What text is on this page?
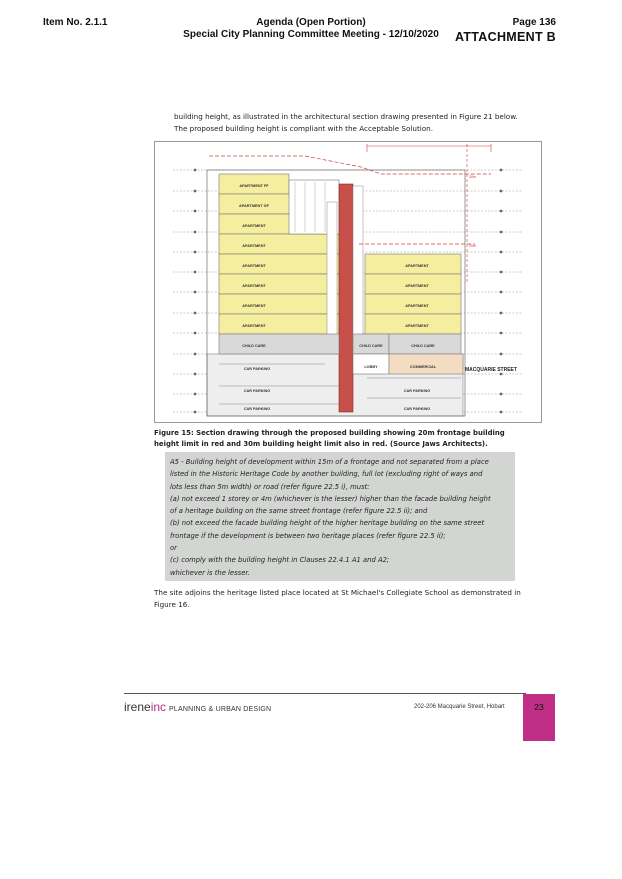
Item No. 2.1.1	Agenda (Open Portion)
Special City Planning Committee Meeting - 12/10/2020
Page 136
ATTACHMENT B
building height, as illustrated in the architectural section drawing presented in Figure 21 below. The proposed building height is compliant with the Acceptable Solution.
APARTMENT FF
APARTMENT GF
APARTMENT
APARTMENT
APARTMENT
APARTMENT
APARTMENT
APARTMENT
APARTMENT
APARTMENT
APARTMENT
APARTMENT
CHILD CARE	CHILD CARE	CHILD CARE
LOBBY	COMMERCIAL
CAR PARKING
CAR PARKING	CAR PARKING
CAR PARKING	CAR PARKING
MACQUARIE STREET
30m
20m
Figure 15: Section drawing through the proposed building showing 20m frontage building height limit in red and 30m building height limit also in red. (Source Jaws Architects).
A5 - Building height of development within 15m of a frontage and not separated from a place
listed in the Historic Heritage Code by another building, full lot (excluding right of ways and
lots less than 5m width) or road (refer figure 22.5 i), must:
(a) not exceed 1 storey or 4m (whichever is the lesser) higher than the facade building height
of a heritage building on the same street frontage (refer figure 22.5 ii); and
(b) not exceed the facade building height of the higher heritage building on the same street
frontage if the development is between two heritage places (refer figure 22.5 ii);
or
(c) comply with the building height in Clauses 22.4.1 A1 and A2;
whichever is the lesser.
The site adjoins the heritage listed place located at St Michael's Collegiate School as demonstrated in Figure 16.
ireneinc PLANNING & URBAN DESIGN	202-206 Macquarie Street, Hobart	23
